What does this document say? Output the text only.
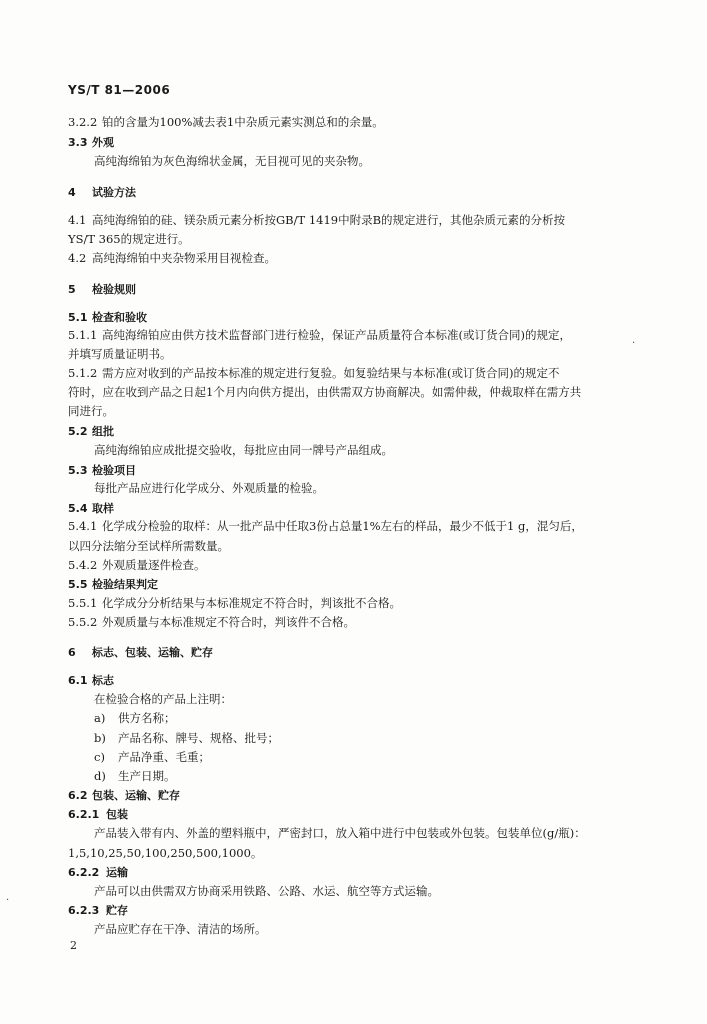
YS/T 81—2006
3.2.2 铂的含量为100%减去表1中杂质元素实测总和的余量。
3.3 外观
高纯海绵铂为灰色海绵状金属，无目视可见的夹杂物。
4 试验方法
4.1 高纯海绵铂的硅、镁杂质元素分析按GB/T 1419中附录B的规定进行，其他杂质元素的分析按
YS/T 365的规定进行。
4.2 高纯海绵铂中夹杂物采用目视检查。
5 检验规则
5.1 检查和验收
5.1.1 高纯海绵铂应由供方技术监督部门进行检验，保证产品质量符合本标准(或订货合同)的规定，
并填写质量证明书。
5.1.2 需方应对收到的产品按本标准的规定进行复验。如复验结果与本标准(或订货合同)的规定不
符时，应在收到产品之日起1个月内向供方提出，由供需双方协商解决。如需仲裁，仲裁取样在需方共
同进行。
5.2 组批
高纯海绵铂应成批提交验收，每批应由同一牌号产品组成。
5.3 检验项目
每批产品应进行化学成分、外观质量的检验。
5.4 取样
5.4.1 化学成分检验的取样：从一批产品中任取3份占总量1%左右的样品，最少不低于1 g，混匀后，
以四分法缩分至试样所需数量。
5.4.2 外观质量逐件检查。
5.5 检验结果判定
5.5.1 化学成分分析结果与本标准规定不符合时，判该批不合格。
5.5.2 外观质量与本标准规定不符合时，判该件不合格。
6 标志、包装、运输、贮存
6.1 标志
在检验合格的产品上注明：
a) 供方名称；
b) 产品名称、牌号、规格、批号；
c) 产品净重、毛重；
d) 生产日期。
6.2 包装、运输、贮存
6.2.1 包装
产品装入带有内、外盖的塑料瓶中，严密封口，放入箱中进行中包装或外包装。包装单位(g/瓶)：
1,5,10,25,50,100,250,500,1000。
6.2.2 运输
产品可以由供需双方协商采用铁路、公路、水运、航空等方式运输。
6.2.3 贮存
产品应贮存在干净、清洁的场所。
2
·
·
